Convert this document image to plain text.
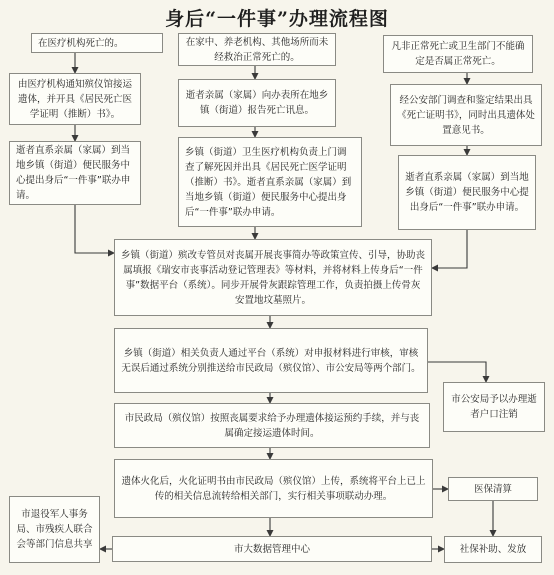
身后“一件事”办理流程图
在医疗机构死亡的。	在家中、养老机构、其他场所而未经救治正常死亡的。
凡非正常死亡或卫生部门不能确定是否属正常死亡。
由医疗机构通知殡仪馆接运遗体，并开具《居民死亡医学证明（推断）书》。
逝者亲属（家属）向办表所在地乡镇（街道）报告死亡讯息。
经公安部门调查和鉴定结果出具《死亡证明书》，同时出具遗体处置意见书。
逝者直系亲属（家属）到当地乡镇（街道）便民服务中心提出身后“一件事”联办申请。
乡镇（街道）卫生医疗机构负责上门调查了解死因并出具《居民死亡医学证明（推断）书》。逝者直系亲属（家属）到当地乡镇（街道）便民服务中心提出身后“一件事”联办申请。
逝者直系亲属（家属）到当地乡镇（街道）便民服务中心提出身后“一件事”联办申请。
乡镇（街道）殡改专管员对丧属开展丧事简办等政策宣传、引导，协助丧属填报《瑞安市丧事活动登记管理表》等材料，并将材料上传身后“一件事”数据平台（系统）。同步开展骨灰跟踪管理工作，负责拍摄上传骨灰安置地坟墓照片。
乡镇（街道）相关负责人通过平台（系统）对申报材料进行审核，审核无误后通过系统分别推送给市民政局（殡仪馆）、市公安局等两个部门。
市公安局予以办理逝者户口注销
市民政局（殡仪馆）按照丧属要求给予办理遗体接运预约手续，并与丧属确定接运遗体时间。
遗体火化后，火化证明书由市民政局（殡仪馆）上传，系统将平台上已上传的相关信息流转给相关部门，实行相关事项联动办理。
医保清算
市退役军人事务局、市残疾人联合会等部门信息共享	市大数据管理中心	社保补助、发放
